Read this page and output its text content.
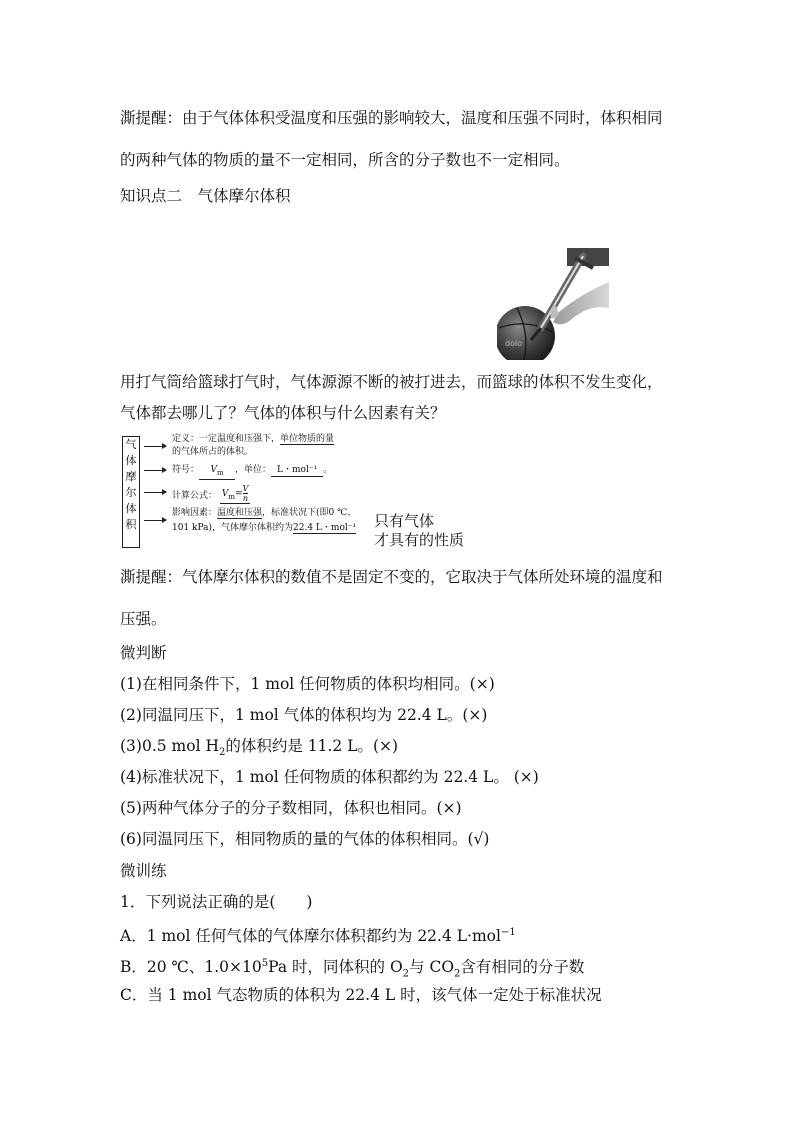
澌提醒：由于气体体积受温度和压强的影响较大，温度和压强不同时，体积相同
的两种气体的物质的量不一定相同，所含的分子数也不一定相同。
知识点二　气体摩尔体积
dolo
用打气筒给篮球打气时，气体源源不断的被打进去，而篮球的体积不发生变化，
气体都去哪儿了？气体的体积与什么因素有关？
气
体
摩
尔
体
积
定义：一定温度和压强下，单位物质的量
的气体所占的体积。
符号： $V_m$ ，单位： L・mol⁻¹ 。
计算公式： $V_m= \frac{V}{n}$
影响因素：温度和压强，标准状况下(即0 ℃、
101 kPa)，气体摩尔体积约为22.4 L・mol⁻¹ 只有气体
才具有的性质
澌提醒：气体摩尔体积的数值不是固定不变的，它取决于气体所处环境的温度和
压强。
微判断
(1)在相同条件下，1 mol 任何物质的体积均相同。(×)
(2)同温同压下，1 mol 气体的体积均为 22.4 L。(×)
(3)0.5 mol $H_2$的体积约是 11.2 L。(×)
(4)标准状况下，1 mol 任何物质的体积都约为 22.4 L。 (×)
(5)两种气体分子的分子数相同，体积也相同。(×)
(6)同温同压下，相同物质的量的气体的体积相同。(√)
微训练
1．下列说法正确的是(　　)
A．1 mol 任何气体的气体摩尔体积都约为 22.4 L·mol$^{-1}$
B．20 ℃、$1.0\times 10^5Pa$ 时，同体积的 $O_2$与 $CO_2$含有相同的分子数
C．当 1 mol 气态物质的体积为 22.4 L 时，该气体一定处于标准状况
